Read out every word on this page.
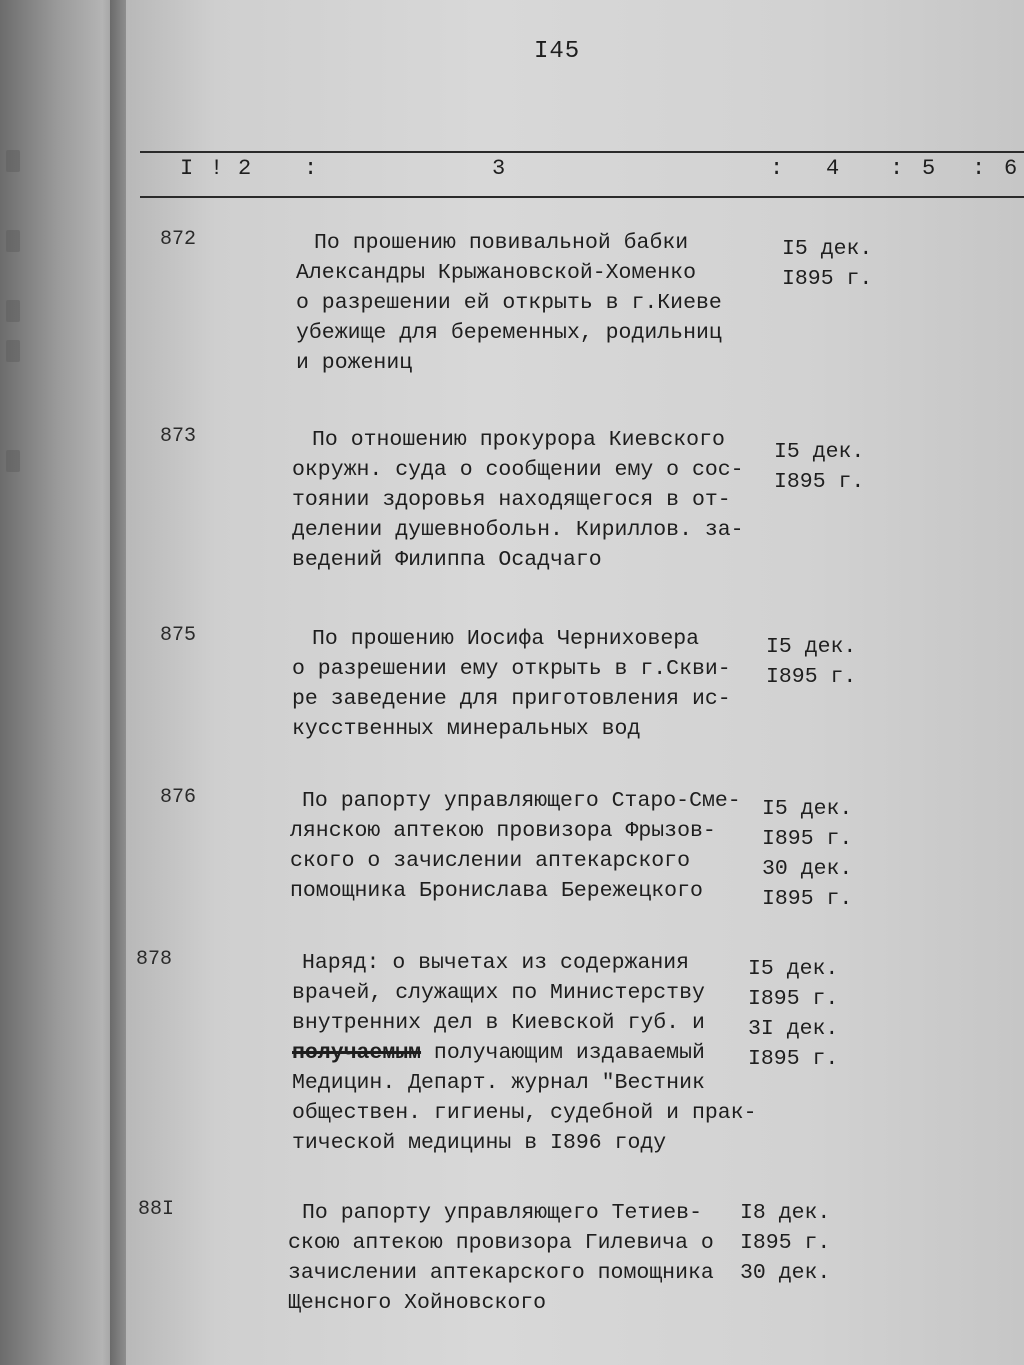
I45
I ! 2 :	3	: 4 : 5 : 6
872	По прошению повивальной бабки
Александры Крыжановской-Хоменко
о разрешении ей открыть в г.Киеве
убежище для беременных, родильниц
и рожениц
I5 дек.
I895 г.
873	По отношению прокурора Киевского
окружн. суда о сообщении ему о сос-
тоянии здоровья находящегося в от-
делении душевнобольн. Кириллов. за-
ведений Филиппа Осадчаго
I5 дек.
I895 г.
875	По прошению Иосифа Черниховера
о разрешении ему открыть в г.Скви-
ре заведение для приготовления ис-
кусственных минеральных вод
I5 дек.
I895 г.
876	По рапорту управляющего Старо-Сме-
лянскою аптекою провизора Фрызов-
ского о зачислении аптекарского
помощника Бронислава Бережецкого
I5 дек.
I895 г.
30 дек.
I895 г.
878	Наряд: о вычетах из содержания
врачей, служащих по Министерству
внутренних дел в Киевской губ. и
получаемым получающим издаваемый
Медицин. Департ. журнал "Вестник
обществен. гигиены, судебной и прак-
тической медицины в I896 году
I5 дек.
I895 г.
3I дек.
I895 г.
88I	По рапорту управляющего Тетиев-
скою аптекою провизора Гилевича о
зачислении аптекарского помощника
Щенсного Хойновского
I8 дек.
I895 г.
30 дек.
